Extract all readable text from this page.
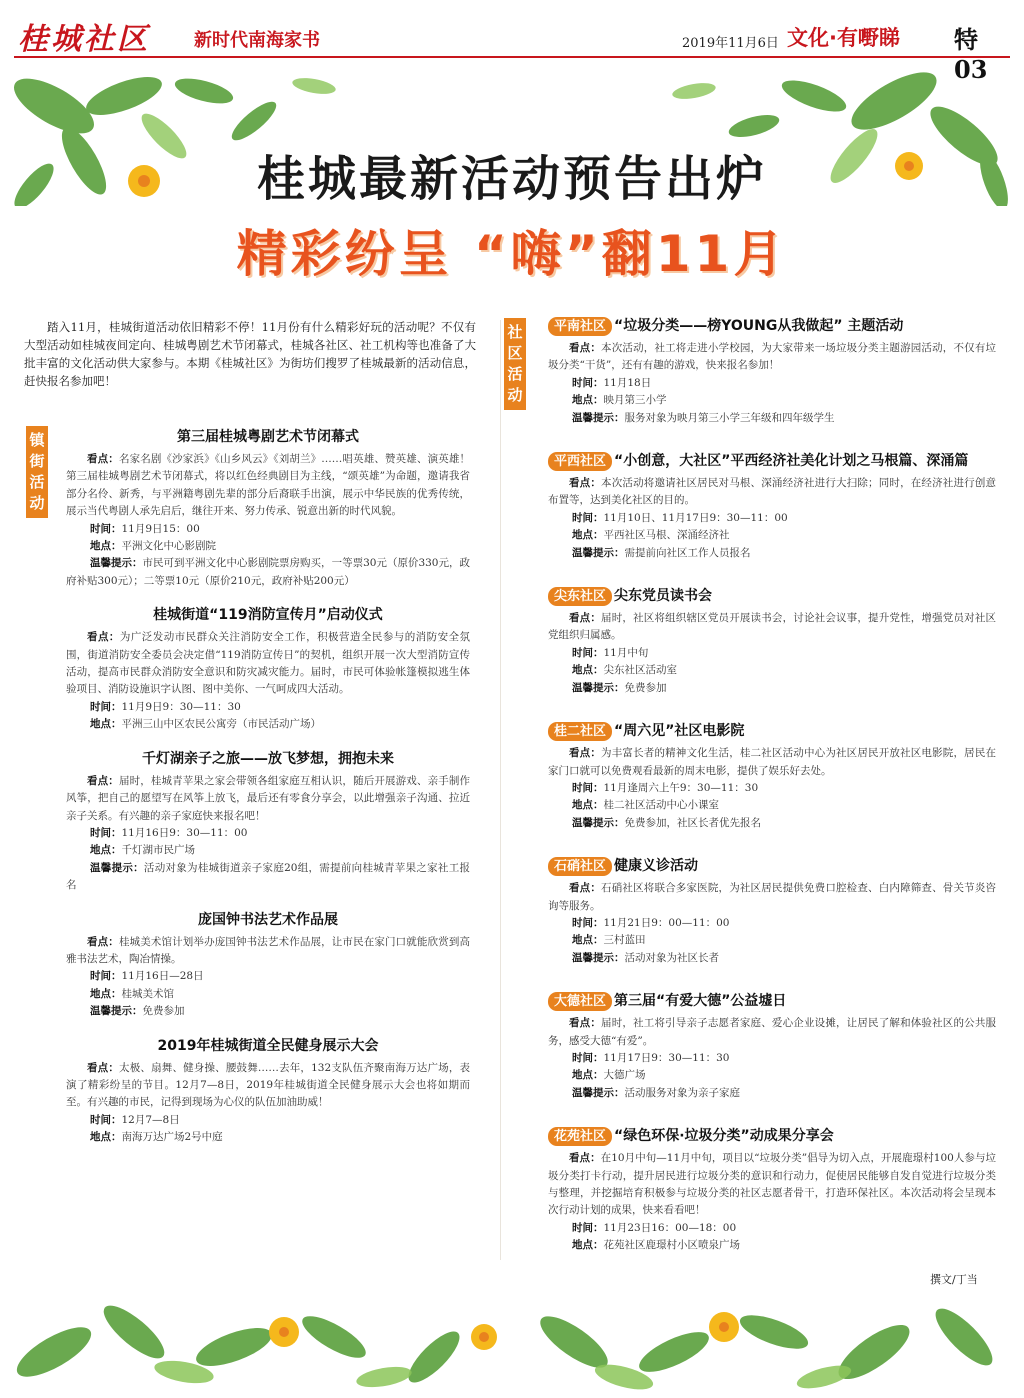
桂城社区 新时代南海家书	2019年11月6日 文化·有嘢睇 特03
桂城最新活动预告出炉
精彩纷呈 “嗨”翻11月
踏入11月，桂城街道活动依旧精彩不停！11月份有什么精彩好玩的活动呢？不仅有大型活动如桂城夜间定向、桂城粤剧艺术节闭幕式，桂城各社区、社工机构等也准备了大批丰富的文化活动供大家参与。本期《桂城社区》为街坊们搜罗了桂城最新的活动信息，赶快报名参加吧！
镇
街
活
动
社
区
活
动
第三届桂城粤剧艺术节闭幕式

看点：名家名剧《沙家浜》《山乡风云》《刘胡兰》……唱英雄、赞英雄、演英雄！第三届桂城粤剧艺术节闭幕式，将以红色经典剧目为主线，“颂英雄”为命题，邀请我省部分名伶、新秀，与平洲籍粤剧先辈的部分后裔联手出演，展示中华民族的优秀传统，展示当代粤剧人承先启后，继往开来、努力传承、锐意出新的时代风貌。

时间：11月9日15：00

地点：平洲文化中心影剧院

温馨提示：市民可到平洲文化中心影剧院票房购买，一等票30元（原价330元，政府补贴300元）；二等票10元（原价210元，政府补贴200元）

桂城街道“119消防宣传月”启动仪式

看点：为广泛发动市民群众关注消防安全工作，积极营造全民参与的消防安全氛围，街道消防安全委员会决定借“119消防宣传日”的契机，组织开展一次大型消防宣传活动，提高市民群众消防安全意识和防灾减灾能力。届时，市民可体验帐篷模拟逃生体验项目、消防设施识字认图、图中美你、一气呵成四大活动。

时间：11月9日9：30—11：30

地点：平洲三山中区农民公寓旁（市民活动广场）

千灯湖亲子之旅——放飞梦想，拥抱未来

看点：届时，桂城青苹果之家会带领各组家庭互相认识，随后开展游戏、亲手制作风筝，把自己的愿望写在风筝上放飞，最后还有零食分享会，以此增强亲子沟通、拉近亲子关系。有兴趣的亲子家庭快来报名吧！

时间：11月16日9：30—11：00

地点：千灯湖市民广场

温馨提示：活动对象为桂城街道亲子家庭20组，需提前向桂城青苹果之家社工报名

庞国钟书法艺术作品展

看点：桂城美术馆计划举办庞国钟书法艺术作品展，让市民在家门口就能欣赏到高雅书法艺术，陶冶情操。

时间：11月16日—28日

地点：桂城美术馆

温馨提示：免费参加

2019年桂城街道全民健身展示大会

看点：太极、扇舞、健身操、腰鼓舞……去年，132支队伍齐聚南海万达广场，表演了精彩纷呈的节目。12月7—8日，2019年桂城街道全民健身展示大会也将如期而至。有兴趣的市民，记得到现场为心仪的队伍加油助威！

时间：12月7—8日

地点：南海万达广场2号中庭

平南社区 “垃圾分类——榜YOUNG从我做起” 主题活动

看点：本次活动，社工将走进小学校园，为大家带来一场垃圾分类主题游园活动，不仅有垃圾分类“干货”，还有有趣的游戏，快来报名参加！

时间：11月18日

地点：映月第三小学

温馨提示：服务对象为映月第三小学三年级和四年级学生

平西社区 “小创意，大社区”平西经济社美化计划之马根篇、深涌篇

看点：本次活动将邀请社区居民对马根、深涌经济社进行大扫除；同时，在经济社进行创意布置等，达到美化社区的目的。

时间：11月10日、11月17日9：30—11：00

地点：平西社区马根、深涌经济社

温馨提示：需提前向社区工作人员报名

尖东社区 尖东党员读书会

看点：届时，社区将组织辖区党员开展读书会，讨论社会议事，提升党性，增强党员对社区党组织归属感。

时间：11月中旬

地点：尖东社区活动室

温馨提示：免费参加

桂二社区 “周六见”社区电影院

看点：为丰富长者的精神文化生活，桂二社区活动中心为社区居民开放社区电影院，居民在家门口就可以免费观看最新的周末电影，提供了娱乐好去处。

时间：11月逢周六上午9：30—11：30

地点：桂二社区活动中心小课室

温馨提示：免费参加，社区长者优先报名

石硝社区 健康义诊活动

看点：石硝社区将联合多家医院，为社区居民提供免费口腔检查、白内障筛查、骨关节炎咨询等服务。

时间：11月21日9：00—11：00

地点：三村蓝田

温馨提示：活动对象为社区长者

大德社区 第三届“有爱大德”公益墟日

看点：届时，社工将引导亲子志愿者家庭、爱心企业设摊，让居民了解和体验社区的公共服务，感受大德“有爱”。

时间：11月17日9：30—11：30

地点：大德广场

温馨提示：活动服务对象为亲子家庭

花苑社区 “绿色环保·垃圾分类”动成果分享会

看点：在10月中旬—11月中旬，项目以“垃圾分类”倡导为切入点，开展鹿璟村100人参与垃圾分类打卡行动，提升居民进行垃圾分类的意识和行动力，促使居民能够自发自觉进行垃圾分类与整理，并挖掘培育积极参与垃圾分类的社区志愿者骨干，打造环保社区。本次活动将会呈现本次行动计划的成果，快来看看吧！

时间：11月23日16：00—18：00

地点：花苑社区鹿璟村小区喷泉广场

撰文/丁当
